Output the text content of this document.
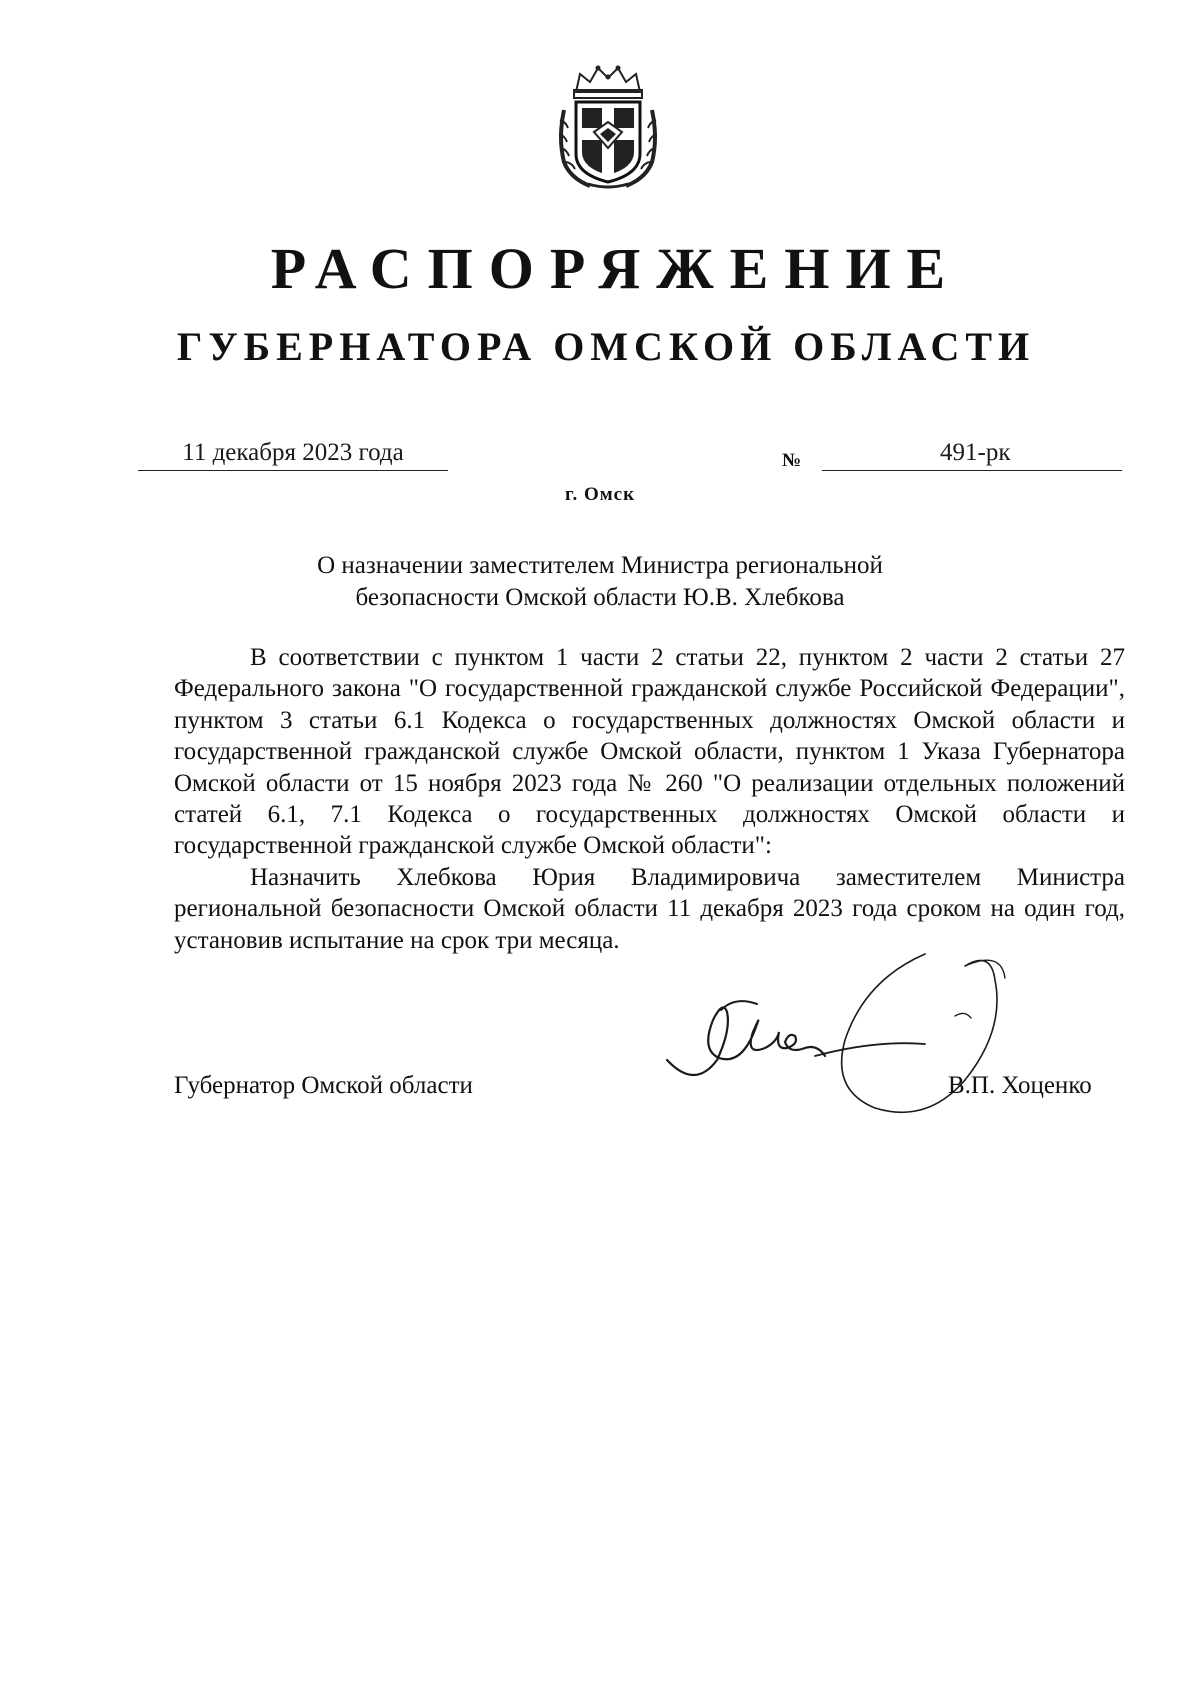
РАСПОРЯЖЕНИЕ
ГУБЕРНАТОРА ОМСКОЙ ОБЛАСТИ
11 декабря 2023 года	№	491-рк
г. Омск
О назначении заместителем Министра региональной
безопасности Омской области Ю.В. Хлебкова

В соответствии с пунктом 1 части 2 статьи 22, пунктом 2 части 2 статьи 27 Федерального закона "О государственной гражданской службе Российской Федерации", пунктом 3 статьи 6.1 Кодекса о государственных должностях Омской области и государственной гражданской службе Омской области, пунктом 1 Указа Губернатора Омской области от 15 ноября 2023 года № 260 "О реализации отдельных положений статей 6.1, 7.1 Кодекса о государственных должностях Омской области и государственной гражданской службе Омской области":

Назначить Хлебкова Юрия Владимировича заместителем Министра региональной безопасности Омской области 11 декабря 2023 года сроком на один год, установив испытание на срок три месяца.

Губернатор Омской области	В.П. Хоценко
